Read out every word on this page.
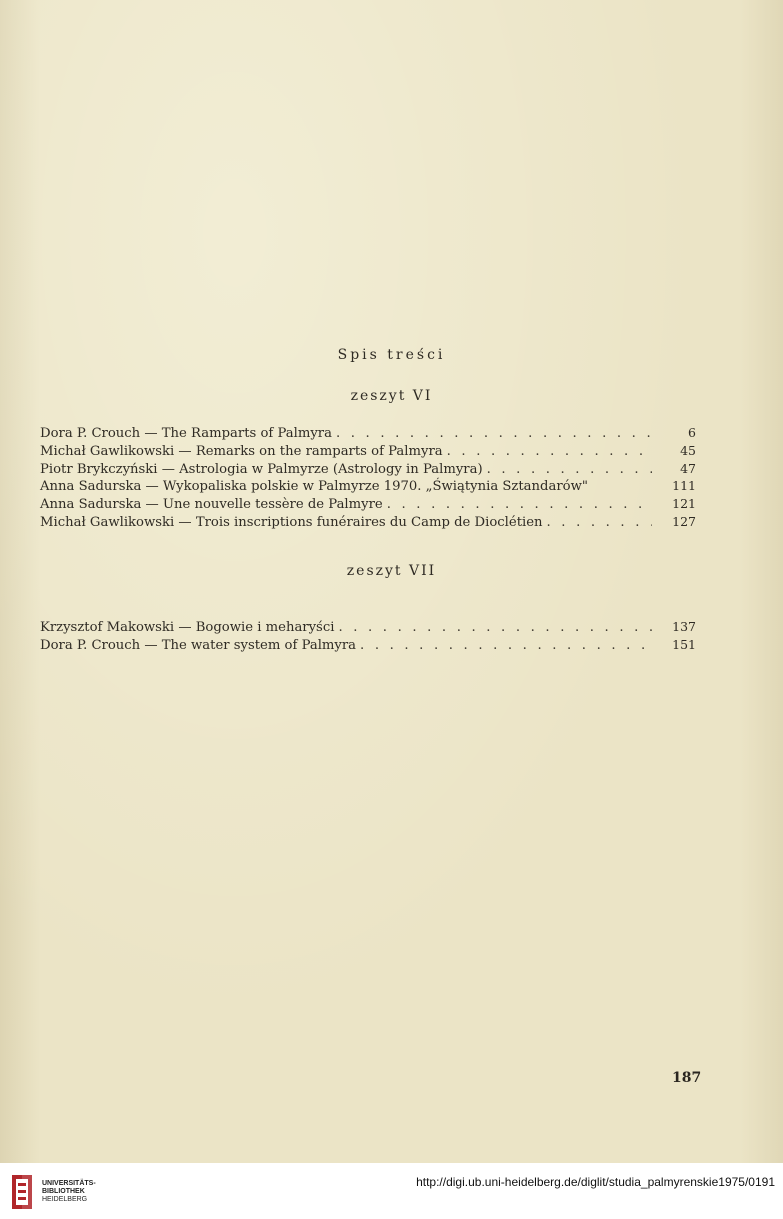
Spis treści
zeszyt VI
Dora P. Crouch — The Ramparts of Palmyra . . .	6
Michał Gawlikowski — Remarks on the ramparts of Palmyra . . .	45
Piotr Brykczyński — Astrologia w Palmyrze (Astrology in Palmyra) . . .	47
Anna Sadurska — Wykopaliska polskie w Palmyrze 1970. „Świątynia Sztandarów"	111
Anna Sadurska — Une nouvelle tessère de Palmyre . . .	121
Michał Gawlikowski — Trois inscriptions funéraires du Camp de Dioclétien . . .	127
zeszyt VII
Krzysztof Makowski — Bogowie i meharyści . . .	137
Dora P. Crouch — The water system of Palmyra . . .	151
187
UNIVERSITÄTS-
BIBLIOTHEK
HEIDELBERG
http://digi.ub.uni-heidelberg.de/diglit/studia_palmyrenskie1975/0191
